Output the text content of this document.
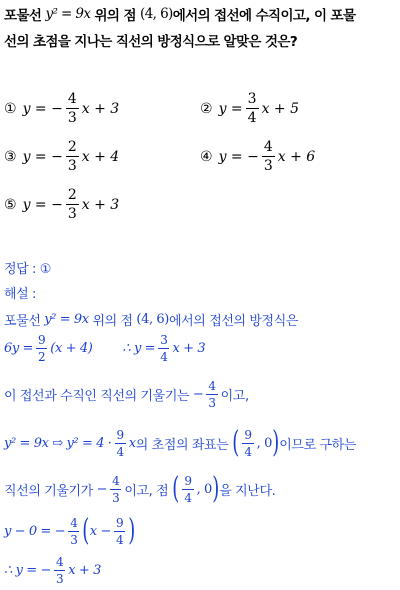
포물선
y² = 9x
위의 점
(4, 6) 에서의 접선에 수직이고, 이 포물
선의 초점을 지나는 직선의 방정식으로 알맞은 것은?
① y = − $\frac{4}{3}$ x + 3	② $y = \frac{3}{4}$ x + 5
③ y = − $\frac{2}{3}$ x + 4	④ y = − $\frac{4}{3}$ x + 6
⑤ y = − $\frac{2}{3}$ x + 3
정답 : ①
해설 :
포물선
y² = 9x
위의 점
(4, 6) 에서의 접선의 방정식은
$6y = \frac{9}{2} (x + 4)$ ∴ $y = \frac{3}{4}$ x + 3
이 접선과 수직인 직선의 기울기는
− $\frac{4}{3}$ 이고,
y² = 9x
⇨
$y^2 = 4 \cdot \frac{9}{4}$ x 의 초점의 좌표는
( $\frac{9}{4}$ , 0 ) 이므로 구하는
직선의 기울기가
− $\frac{4}{3}$ 이고, 점
( $\frac{9}{4}$ , 0 ) 을 지난다.
y − 0 = − $\frac{4}{3}$ ( $x - \frac{9}{4}$ )
∴ y = − $\frac{4}{3}$ x + 3
